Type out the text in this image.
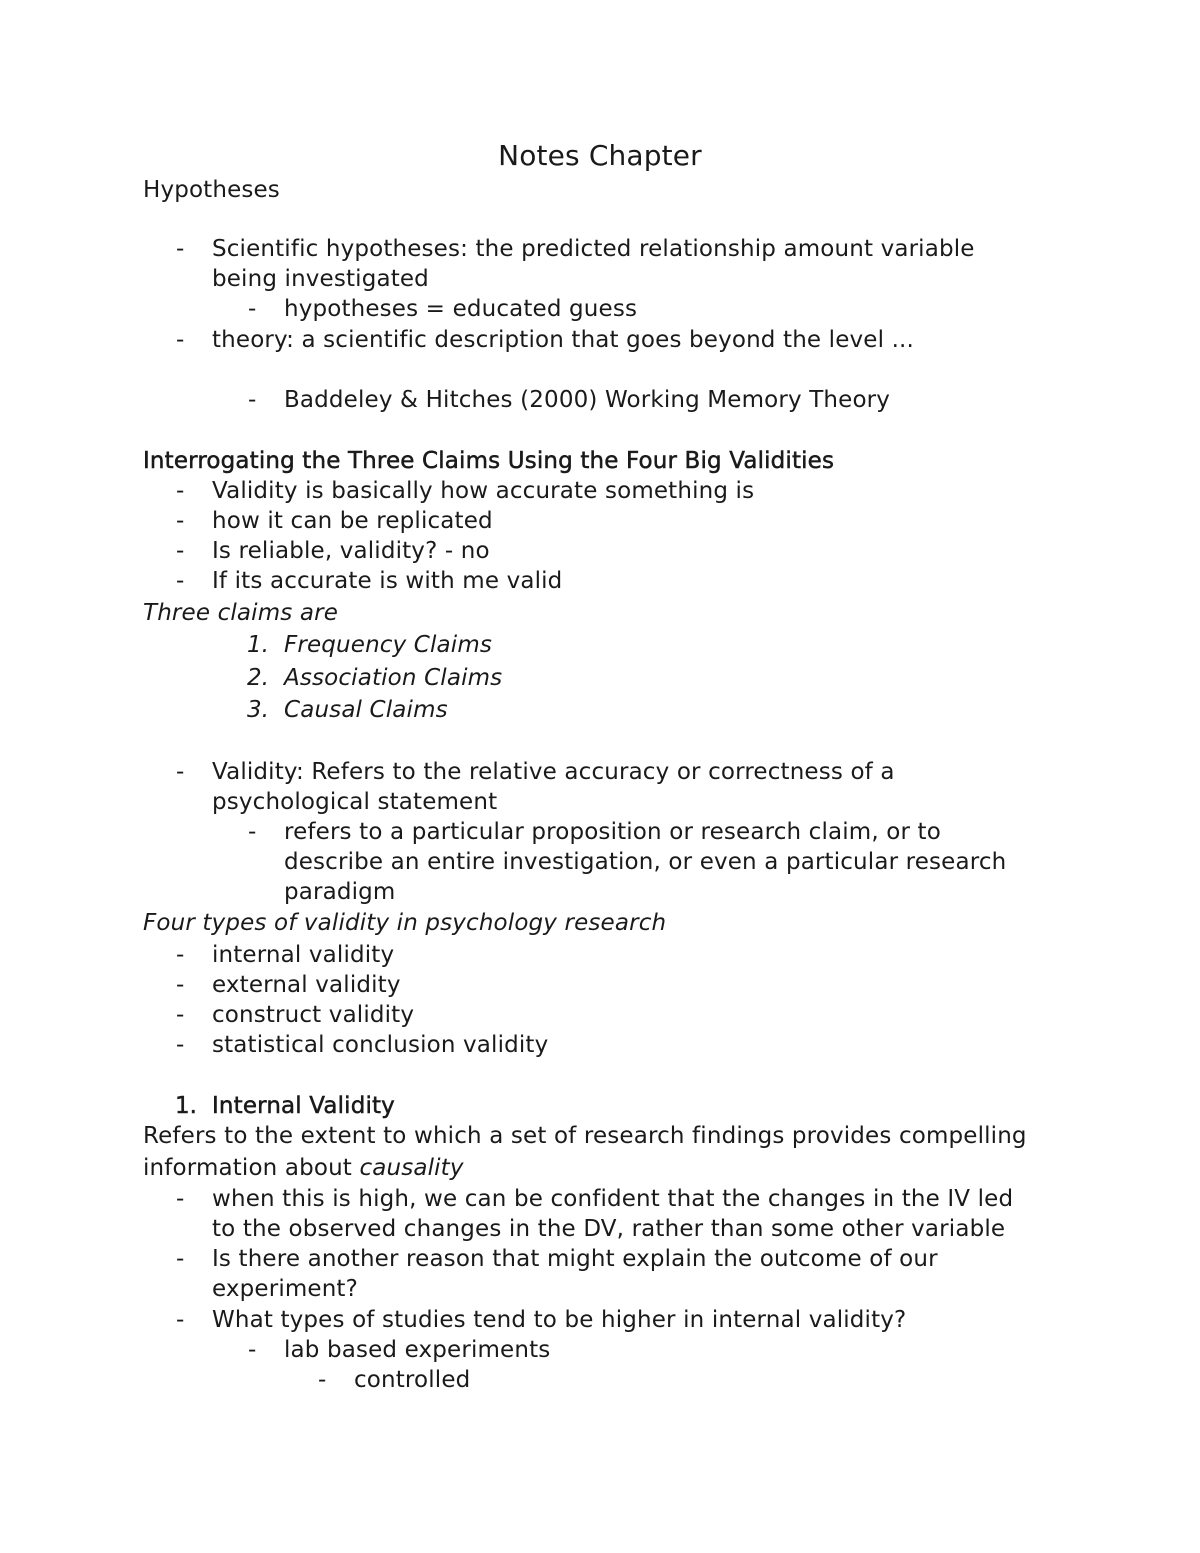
Notes Chapter
Hypotheses
- Scientific hypotheses: the predicted relationship amount variable
being investigated
- hypotheses = educated guess
- theory: a scientific description that goes beyond the level ...
- Baddeley & Hitches (2000) Working Memory Theory
Interrogating the Three Claims Using the Four Big Validities
- Validity is basically how accurate something is
- how it can be replicated
- Is reliable, validity? - no
- If its accurate is with me valid
Three claims are
1. Frequency Claims
2. Association Claims
3. Causal Claims
- Validity: Refers to the relative accuracy or correctness of a
psychological statement
- refers to a particular proposition or research claim, or to
describe an entire investigation, or even a particular research
paradigm
Four types of validity in psychology research
- internal validity
- external validity
- construct validity
- statistical conclusion validity
1. Internal Validity
Refers to the extent to which a set of research findings provides compelling
information about causality
- when this is high, we can be confident that the changes in the IV led
to the observed changes in the DV, rather than some other variable
- Is there another reason that might explain the outcome of our
experiment?
- What types of studies tend to be higher in internal validity?
- lab based experiments
- controlled
